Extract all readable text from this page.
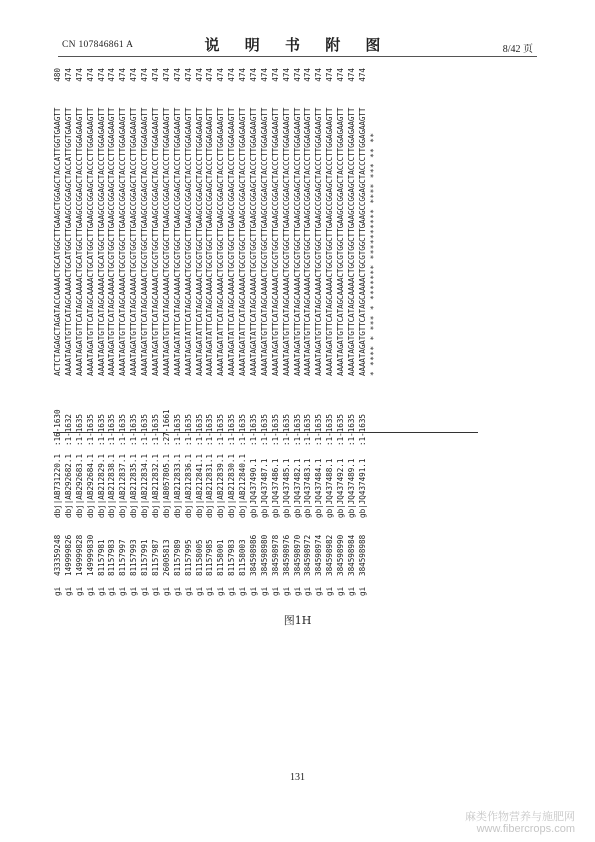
CN 107846861 A	说 明 书 附 图	8/42 页
gi
433359248
dbj|AB731220.1
:16-1630
ACTCTAGAGCTAGATACCAAAACTGCATGGCTTGAAGCTGGAGCTACCATTGGTGAAGTT
480
gi
149999826
dbj|AB292682.1
:1-1632
AAAATAGATGTTCATAGCAAAACTGCATGGCTTGAAGCCGGAGCTACCATTGGTGAAGTT
474
gi
149999828
dbj|AB292683.1
:1-1635
AAAATAGATGTTCATAGCAAAACTGCATGGCTTGAAGCCGGAGCTACCCTTGGAGAAGTT
474
gi
149999830
dbj|AB292684.1
:1-1635
AAAATAGATGTTCATAGCAAAACTGCATGGCTTGAAGCCGGAGCTACCCTTGGAGAAGTT
474
gi
81157981
dbj|AB212829.1
:1-1635
AAAATAGATGTTCATAGCAAAACTGCATGGCTTGAAGCCGGAGCTACCCTTGGAGAAGTT
474
gi
81157983
dbj|AB212838.1
:1-1635
AAAATAGATGTTCATAGCAAAACTGCGTGGCTTGAAGCCGGAGCTACCCTTGGAGAAGTT
474
gi
81157997
dbj|AB212837.1
:1-1635
AAAATAGATGTTCATAGCAAAACTGCGTGGCTTGAAGCCGGAGCTACCCTTGGAGAAGTT
474
gi
81157993
dbj|AB212835.1
:1-1635
AAAATAGATGTTCATAGCAAAACTGCGTGGCTTGAAGCCGGAGCTACCCTTGGAGAAGTT
474
gi
81157991
dbj|AB212834.1
:1-1635
AAAATAGATGTTCATAGCAAAACTGCGTGGCTTGAAGCCGGAGCTACCCTTGGAGAAGTT
474
gi
81157987
dbj|AB212832.1
:1-1635
AAAATAGATGTTCATAGCAAAACTGCGTGGCTTGAAGCCGGAGCTACCCTTGGAGAAGTT
474
gi
26005813
dbj|AB057805.1
:27-1661
AAAATAGATGTTCATAGCAAAACTGCGTGGCTTGAAGCCGGAGCTACCCTTGGAGAAGTT
474
gi
81157989
dbj|AB212833.1
:1-1635
AAAATAGATATTCATAGCAAAACTGCGTGGCTTGAAGCCGGAGCTACCCTTGGAGAAGTT
474
gi
81157995
dbj|AB212836.1
:1-1635
AAAATAGATATTCATAGCAAAACTGCGTGGCTTGAAGCCGGAGCTACCCTTGGAGAAGTT
474
gi
81158005
dbj|AB212841.1
:1-1635
AAAATAGATATTCATAGCAAAACTGCGTGGCTTGAAGCCGGAGCTACCCTTGGAGAAGTT
474
gi
81157985
dbj|AB212831.1
:1-1635
AAAATAGATATTCATAGCAAAACTGCGTGGCTTGAAGCCGGAGCTACCCTTGGAGAAGTT
474
gi
81158001
dbj|AB212839.1
:1-1635
AAAATAGATATTCATAGCAAAACTGCGTGGCTTGAAGCCGGAGCTACCCTTGGAGAAGTT
474
gi
81157983
dbj|AB212830.1
:1-1635
AAAATAGATATTCATAGCAAAACTGCGTGGCTTGAAGCCGGAGCTACCCTTGGAGAAGTT
474
gi
81158003
dbj|AB212840.1
:1-1635
AAAATAGATATTCATAGCAAAACTGCGTGGCTTGAAGCCGGAGCTACCCTTGGAGAAGTT
474
gi
384598986
gb|JQ437490.1
:1-1635
AAAATAGATATTCATAGCAAAACTGCGTGGCTTGAAGCCGGAGCTACCCTTGGAGAAGTT
474
gi
384598980
gb|JQ437487.1
:1-1635
AAAATAGATGTTCATAGCAAAACTGCGTGGCTTGAAGCCGGAGCTACCCTTGGAGAAGTT
474
gi
384598978
gb|JQ437486.1
:1-1635
AAAATAGATGTTCATAGCAAAACTGCGTGGCTTGAAGCCGGAGCTACCCTTGGAGAAGTT
474
gi
384598976
gb|JQ437485.1
:1-1635
AAAATAGATGTTCATAGCAAAACTGCGTGGCTTGAAGCCGGAGCTACCCTTGGAGAAGTT
474
gi
384598970
gb|JQ437482.1
:1-1635
AAAATAGATGTTCATAGCAAAACTGCGTGGCTTGAAGCCGGAGCTACCCTTGGAGAAGTT
474
gi
384598972
gb|JQ437483.1
:1-1635
AAAATAGATGTTCATAGCAAAACTGCGTGGCTTGAAGCCGGAGCTACCCTTGGAGAAGTT
474
gi
384598974
gb|JQ437484.1
:1-1635
AAAATAGATGTTCATAGCAAAACTGCGTGGCTTGAAGCCGGAGCTACCCTTGGAGAAGTT
474
gi
384598982
gb|JQ437488.1
:1-1635
AAAATAGATGTTCATAGCAAAACTGCGTGGCTTGAAGCCGGAGCTACCCTTGGAGAAGTT
474
gi
384598990
gb|JQ437492.1
:1-1635
AAAATAGATGTTCATAGCAAAACTGCGTGGCTTGAAGCCGGAGCTACCCTTGGAGAAGTT
474
gi
384598984
gb|JQ437489.1
:1-1635
AAAATAGATGTTCATAGCAAAACTGCGTGGCTTGAAGCCGGAGCTACCCTTGGAGAAGTT
474
gi
384598988
gb|JQ437491.1
:1-1635
AAAATAGATGTTCATAGCAAAACTGCGTGGCTTGAAGCCGGAGCTACCCTTGGAGAAGTT
474
* **** * *** * ******* ********** **** *** ** **
图1H
131
麻类作物营养与施肥网
www.fibercrops.com
